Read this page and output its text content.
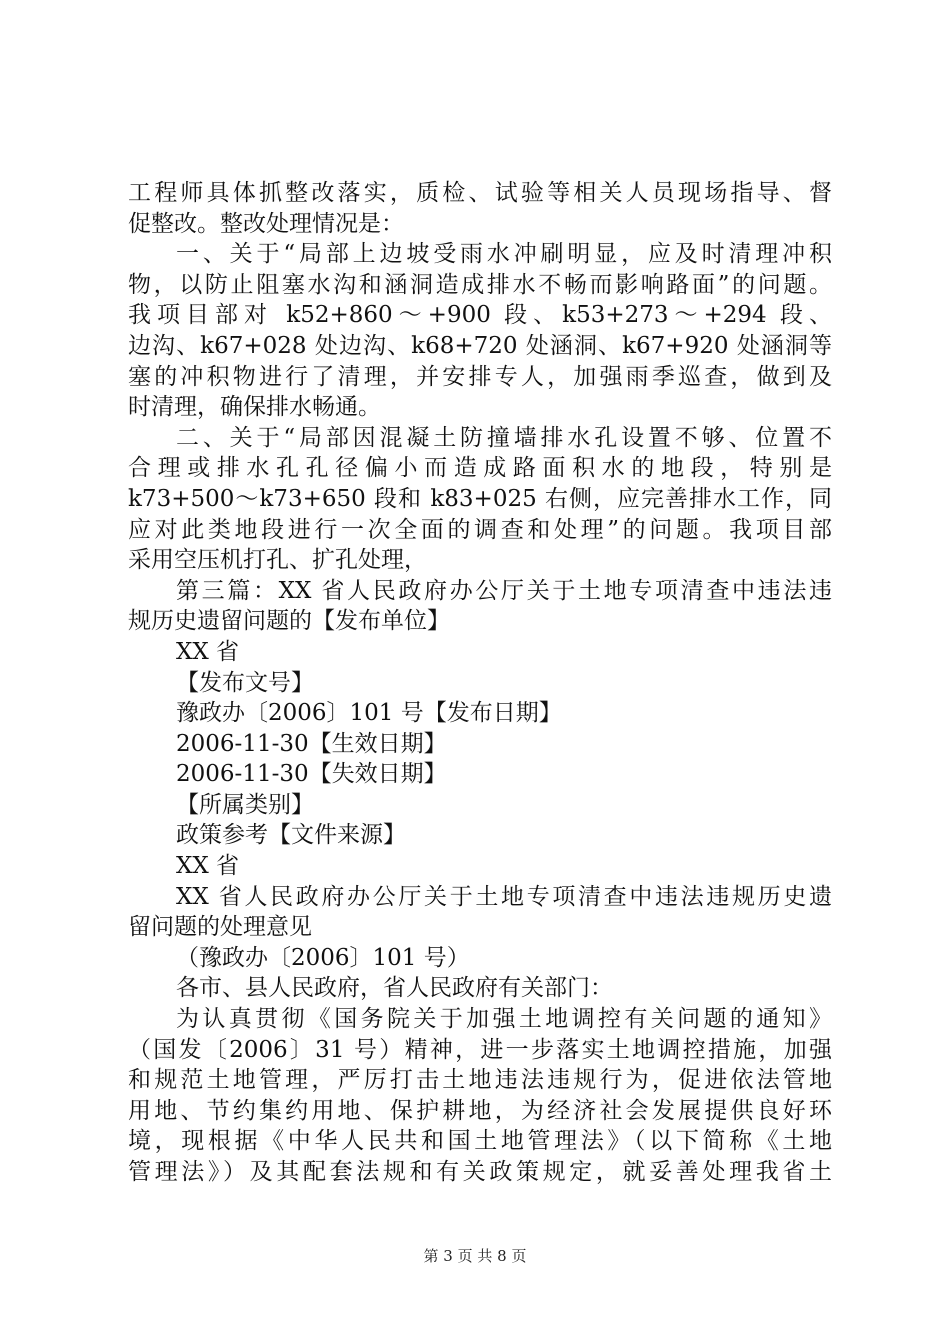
工程师具体抓整改落实，质检、试验等相关人员现场指导、督
促整改。整改处理情况是：
一、关于“局部上边坡受雨水冲刷明显，应及时清理冲积
物，以防止阻塞水沟和涵洞造成排水不畅而影响路面”的问题。
我项目部对 k52+860～+900 段、k53+273～+294 段、
边沟、k67+028 处边沟、k68+720 处涵洞、k67+920 处涵洞等
塞的冲积物进行了清理，并安排专人，加强雨季巡查，做到及
时清理，确保排水畅通。
二、关于“局部因混凝土防撞墙排水孔设置不够、位置不
合理或排水孔孔径偏小而造成路面积水的地段，特别是
k73+500～k73+650 段和 k83+025 右侧，应完善排水工作，同
应对此类地段进行一次全面的调查和处理”的问题。我项目部
采用空压机打孔、扩孔处理，
第三篇：XX 省人民政府办公厅关于土地专项清查中违法违
规历史遗留问题的【发布单位】
XX 省
【发布文号】
豫政办〔2006〕101 号【发布日期】
2006-11-30【生效日期】
2006-11-30【失效日期】
【所属类别】
政策参考【文件来源】
XX 省
XX 省人民政府办公厅关于土地专项清查中违法违规历史遗
留问题的处理意见
（豫政办〔2006〕101 号）
各市、县人民政府，省人民政府有关部门：
为认真贯彻《国务院关于加强土地调控有关问题的通知》
（国发〔2006〕31 号）精神，进一步落实土地调控措施，加强
和规范土地管理，严厉打击土地违法违规行为，促进依法管地
用地、节约集约用地、保护耕地，为经济社会发展提供良好环
境，现根据《中华人民共和国土地管理法》（以下简称《土地
管理法》）及其配套法规和有关政策规定，就妥善处理我省土
第 3 页 共 8 页
